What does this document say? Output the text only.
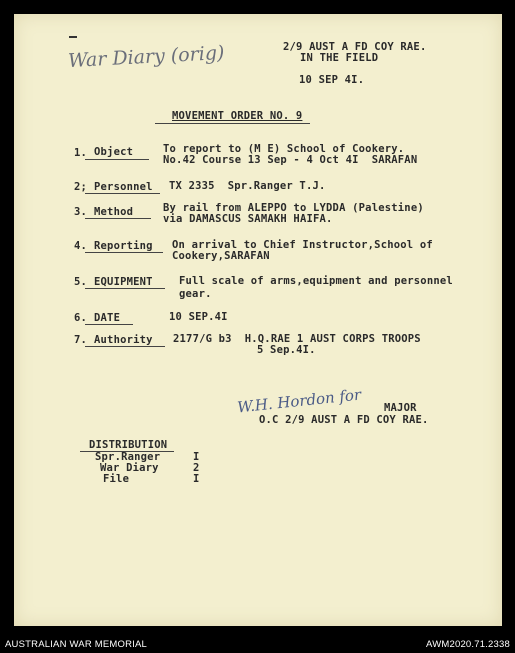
War Diary (orig)	2/9 AUST A FD COY RAE.
IN THE FIELD
10 SEP 4I.
MOVEMENT ORDER NO. 9
1. Object	To report to (M E) School of Cookery.
No.42 Course 13 Sep - 4 Oct 4I  SARAFAN
2; Personnel TX 2335  Spr.Ranger T.J.
3. Method	By rail from ALEPPO to LYDDA (Palestine)
via DAMASCUS SAMAKH HAIFA.
4. Reporting On arrival to Chief Instructor,School of
Cookery,SARAFAN
5. EQUIPMENT	Full scale of arms,equipment and personnel
gear.
6. DATE	10 SEP.4I
7. Authority 2177/G b3  H.Q.RAE 1 AUST CORPS TROOPS
5 Sep.4I.
W.H. Hordon for MAJOR
O.C 2/9 AUST A FD COY RAE.
DISTRIBUTION
Spr.Ranger	I
War Diary	2
File	I
AUSTRALIAN WAR MEMORIAL	AWM2020.71.2338
